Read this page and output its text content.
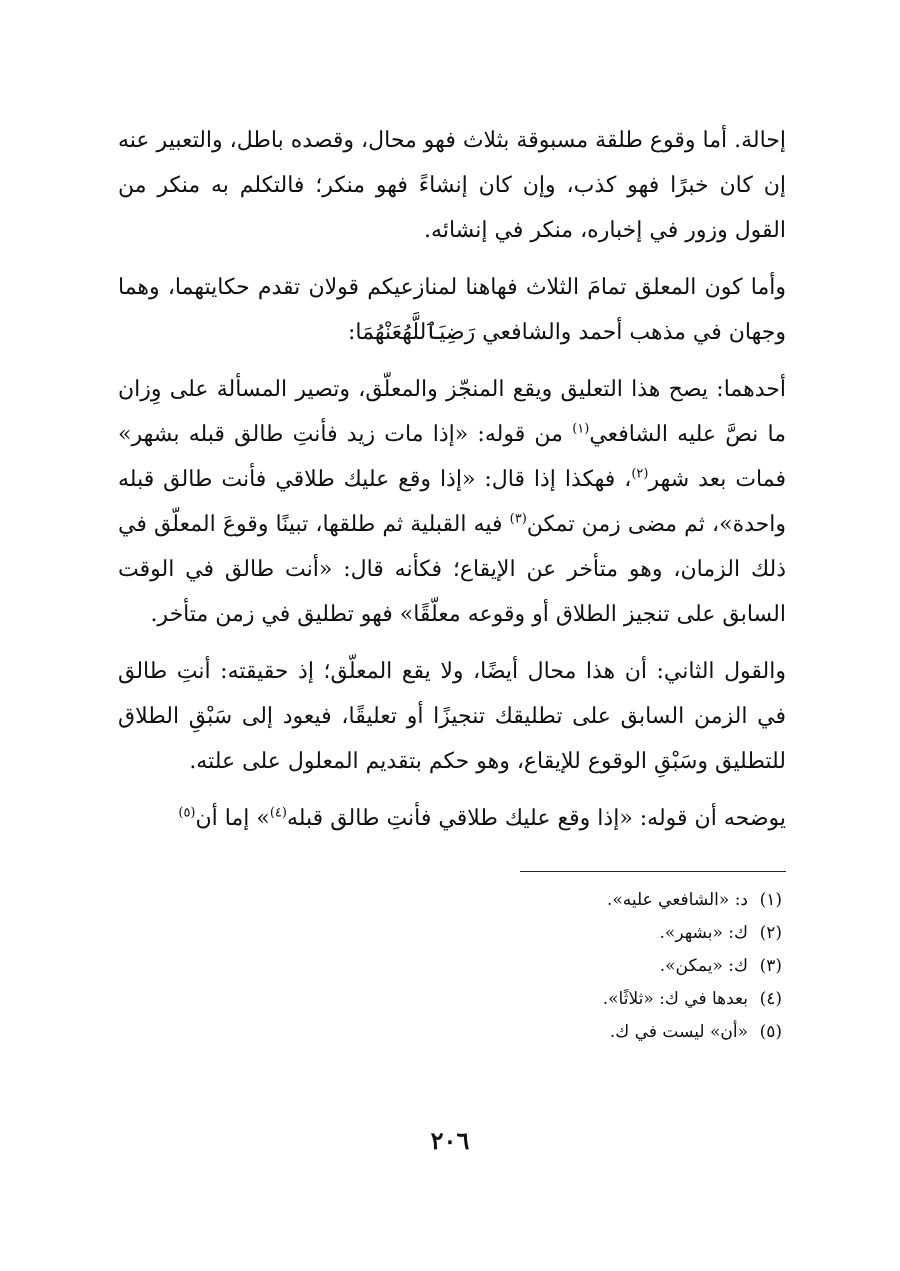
إحالة. أما وقوع طلقة مسبوقة بثلاث فهو محال، وقصده باطل، والتعبير عنه إن كان خبرًا فهو كذب، وإن كان إنشاءً فهو منكر؛ فالتكلم به منكر من القول وزور في إخباره، منكر في إنشائه.

وأما كون المعلق تمامَ الثلاث فهاهنا لمنازعيكم قولان تقدم حكايتهما، وهما وجهان في مذهب أحمد والشافعي رَضِيَٱللَّهُعَنْهُمَا:

أحدهما: يصح هذا التعليق ويقع المنجّز والمعلّق، وتصير المسألة على وِزان ما نصَّ عليه الشافعي$^{(١)}$ من قوله: «إذا مات زيد فأنتِ طالق قبله بشهر» فمات بعد شهر$^{(٢)}$، فهكذا إذا قال: «إذا وقع عليك طلاقي فأنت طالق قبله واحدة»، ثم مضى زمن تمكن$^{(٣)}$ فيه القبلية ثم طلقها، تبينًا وقوعَ المعلّق في ذلك الزمان، وهو متأخر عن الإيقاع؛ فكأنه قال: «أنت طالق في الوقت السابق على تنجيز الطلاق أو وقوعه معلّقًا» فهو تطليق في زمن متأخر.

والقول الثاني: أن هذا محال أيضًا، ولا يقع المعلّق؛ إذ حقيقته: أنتِ طالق في الزمن السابق على تطليقك تنجيزًا أو تعليقًا، فيعود إلى سَبْقِ الطلاق للتطليق وسَبْقِ الوقوع للإيقاع، وهو حكم بتقديم المعلول على علته.

يوضحه أن قوله: «إذا وقع عليك طلاقي فأنتِ طالق قبله$^{(٤)}$» إما أن$^{(٥)}$

(١)د: «الشافعي عليه».
(٢)ك: «بشهر».
(٣)ك: «يمكن».
(٤)بعدها في ك: «ثلاثًا».
(٥)«أن» ليست في ك.
٢٠٦
